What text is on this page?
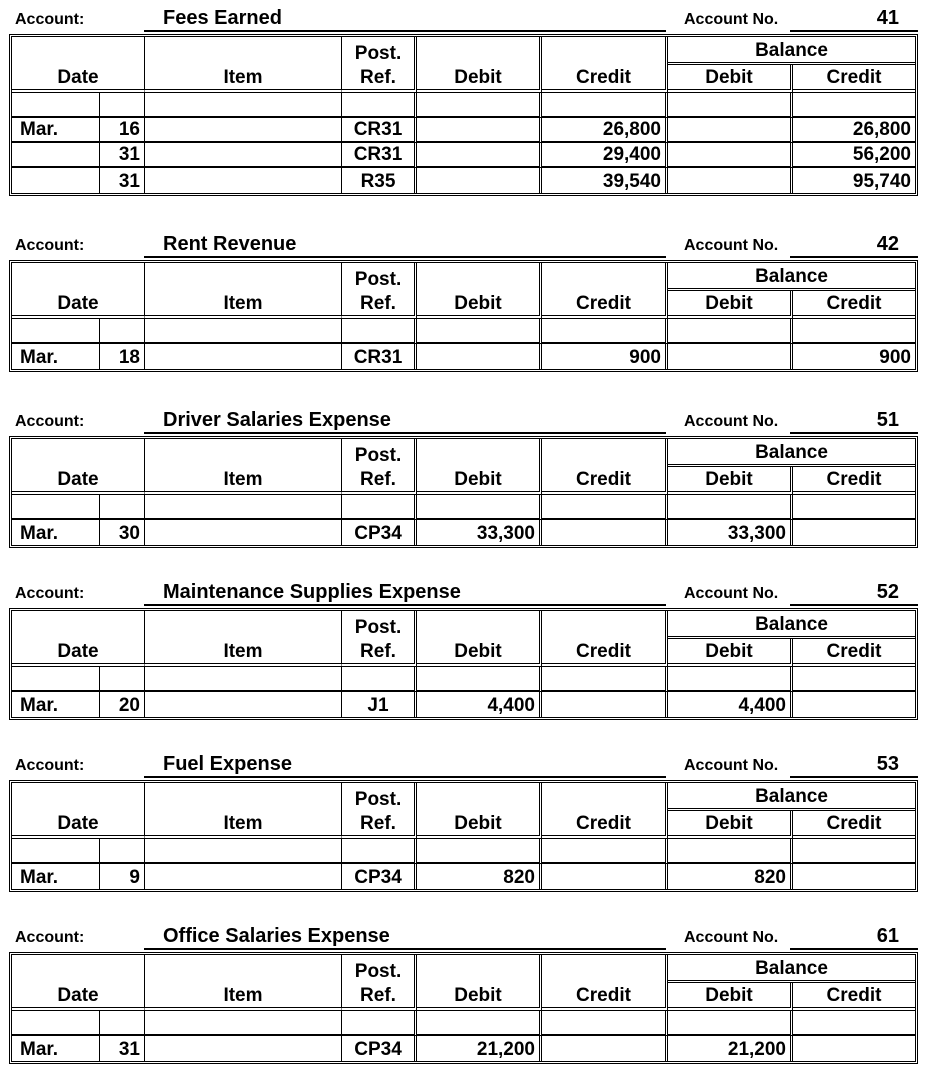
Account:	Fees Earned	Account No.	41
Date		Item	Post.	Debit	Credit	Balance	
			Ref.			Debit	Credit

Mar.	16		CR31		26,800		26,800
	31		CR31		29,400		56,200
	31		R35		39,540		95,740
Account:	Rent Revenue	Account No.	42
Date		Item	Post.	Debit	Credit	Balance	
			Ref.			Debit	Credit

Mar.	18		CR31		900		900
Account:	Driver Salaries Expense	Account No.	51
Date		Item	Post.	Debit	Credit	Balance	
			Ref.			Debit	Credit

Mar.	30		CP34	33,300		33,300	
Account:	Maintenance Supplies Expense	Account No.	52
Date		Item	Post.	Debit	Credit	Balance	
			Ref.			Debit	Credit

Mar.	20		J1	4,400		4,400	
Account:	Fuel Expense	Account No.	53
Date		Item	Post.	Debit	Credit	Balance	
			Ref.			Debit	Credit

Mar.	9		CP34	820		820	
Account:	Office Salaries Expense	Account No.	61
Date		Item	Post.	Debit	Credit	Balance	
			Ref.			Debit	Credit

Mar.	31		CP34	21,200		21,200	
